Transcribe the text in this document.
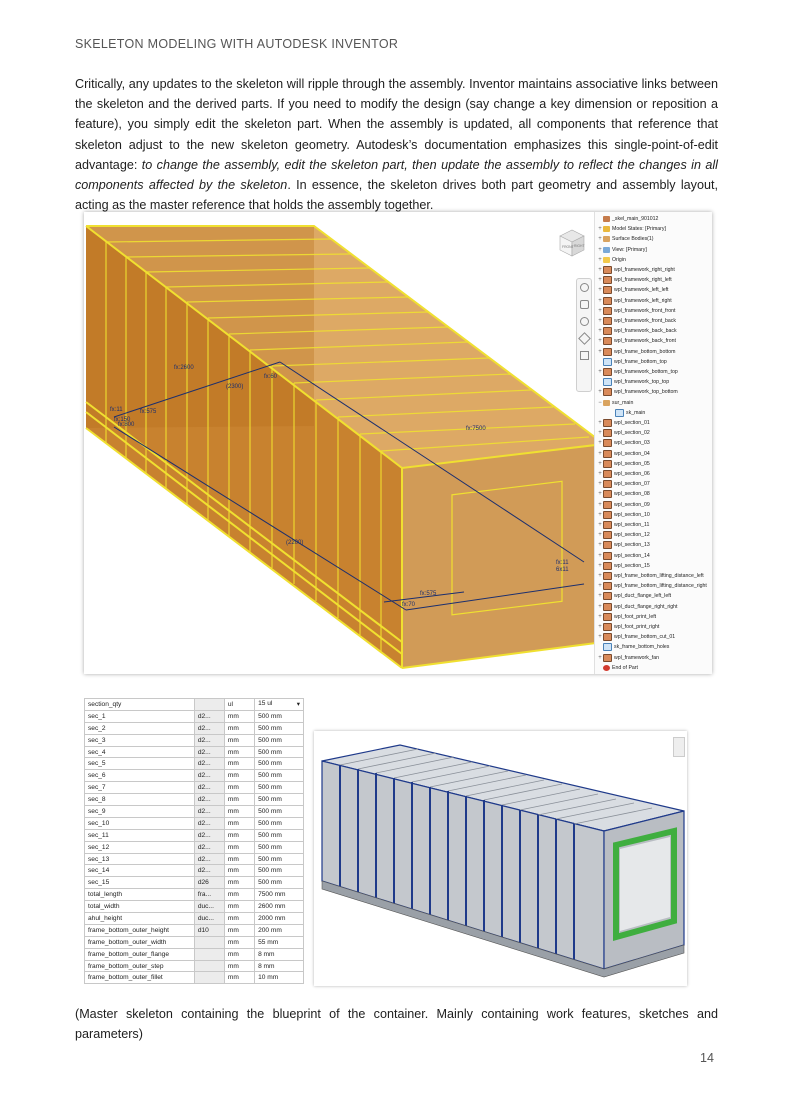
SKELETON MODELING WITH AUTODESK INVENTOR
Critically, any updates to the skeleton will ripple through the assembly. Inventor maintains associative links between the skeleton and the derived parts. If you need to modify the design (say change a key dimension or reposition a feature), you simply edit the skeleton part. When the assembly is updated, all components that reference that skeleton adjust to the new skeleton geometry. Autodesk’s documentation emphasizes this single-point-of-edit advantage: to change the assembly, edit the skeleton part, then update the assembly to reflect the changes in all components affected by the skeleton. In essence, the skeleton drives both part geometry and assembly layout, acting as the master reference that holds the assembly together.
fx:2600
(2300)
fx:60
fx:7500
fx:575
fx:11
fx:150
fx:800
(2200)
fx:575
fx:70
fx:11
6x11
FRONT RIGHT
_skel_main_901012
+ Model States: [Primary]
+ Surface Bodies(1)
+ View: [Primary]
+ Origin
+ wpl_framework_right_right
+ wpl_framework_right_left
+ wpl_framework_left_left
+ wpl_framework_left_right
+ wpl_framework_front_front
+ wpl_framework_front_back
+ wpl_framework_back_back
+ wpl_framework_back_front
+ wpl_frame_bottom_bottom
wpl_frame_bottom_top
+ wpl_framework_bottom_top
wpl_framework_top_top
+ wpl_framework_top_bottom
− sur_main
sk_main
+ wpl_section_01
+ wpl_section_02
+ wpl_section_03
+ wpl_section_04
+ wpl_section_05
+ wpl_section_06
+ wpl_section_07
+ wpl_section_08
+ wpl_section_09
+ wpl_section_10
+ wpl_section_11
+ wpl_section_12
+ wpl_section_13
+ wpl_section_14
+ wpl_section_15
+ wpl_frame_bottom_lifting_distance_left
+ wpl_frame_bottom_lifting_distance_right
+ wpl_duct_flange_left_left
+ wpl_duct_flange_right_right
+ wpl_foot_print_left
+ wpl_foot_print_right
+ wpl_frame_bottom_cut_01
sk_frame_bottom_holes
+ wpl_framework_fan
End of Part
section_qty		ul	15 ul ▾

sec_1	d2...	mm	500 mm
sec_2	d2...	mm	500 mm
sec_3	d2...	mm	500 mm
sec_4	d2...	mm	500 mm
sec_5	d2...	mm	500 mm
sec_6	d2...	mm	500 mm
sec_7	d2...	mm	500 mm
sec_8	d2...	mm	500 mm
sec_9	d2...	mm	500 mm
sec_10	d2...	mm	500 mm
sec_11	d2...	mm	500 mm
sec_12	d2...	mm	500 mm
sec_13	d2...	mm	500 mm
sec_14	d2...	mm	500 mm
sec_15	d26	mm	500 mm
total_length	fra...	mm	7500 mm
total_width	duc...	mm	2600 mm
ahul_height	duc...	mm	2000 mm
frame_bottom_outer_height	d10	mm	200 mm
frame_bottom_outer_width		mm	55 mm
frame_bottom_outer_flange		mm	8 mm
frame_bottom_outer_step		mm	8 mm
frame_bottom_outer_fillet		mm	10 mm
(Master skeleton containing the blueprint of the container. Mainly containing work features, sketches and parameters)
14
